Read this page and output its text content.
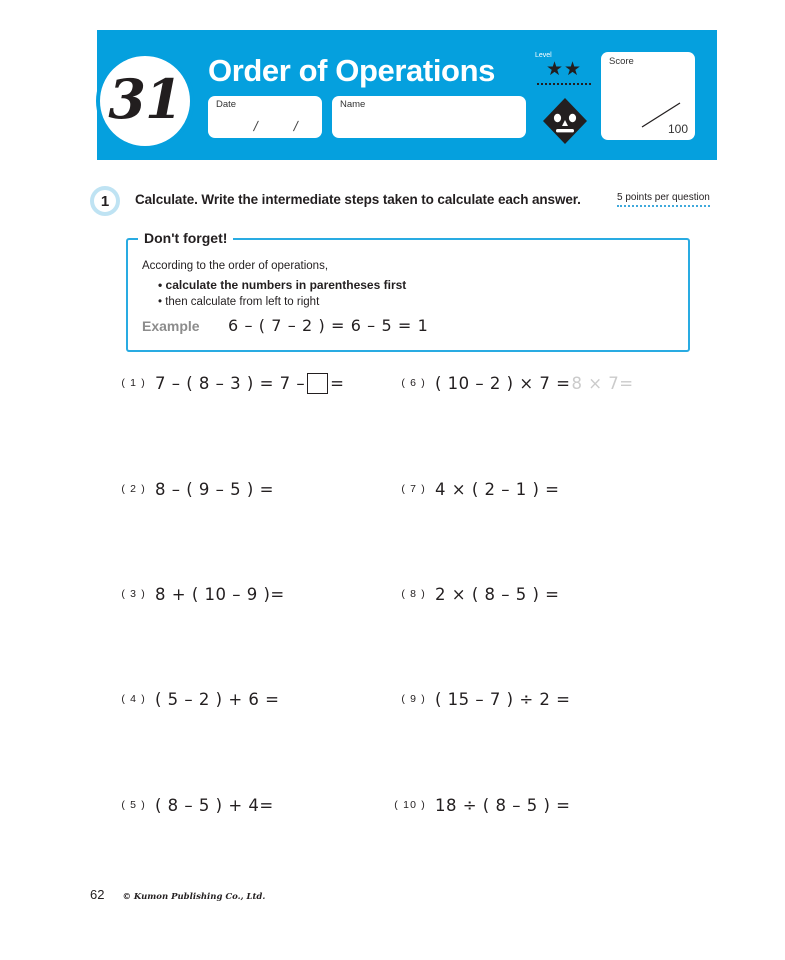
31 Order of Operations
Date
/ /
Name
Level
★★	Score
100
1 Calculate. Write the intermediate steps taken to calculate each answer.	5 points per question
Don't forget!
According to the order of operations,
• calculate the numbers in parentheses first
• then calculate from left to right
Example 6 – ( 7 – 2 ) = 6 – 5 = 1
( 1 ) 7 – ( 8 – 3 ) = 7 – =
( 2 ) 8 – ( 9 – 5 ) =
( 3 ) 8 + ( 10 – 9 )=
( 4 ) ( 5 – 2 ) + 6 =
( 5 ) ( 8 – 5 ) + 4=
( 6 ) ( 10 – 2 ) × 7 = 8 × 7=
( 7 ) 4 × ( 2 – 1 ) =
( 8 ) 2 × ( 8 – 5 ) =
( 9 ) ( 15 – 7 ) ÷ 2 =
( 10 ) 18 ÷ ( 8 – 5 ) =
62 © Kumon Publishing Co., Ltd.
